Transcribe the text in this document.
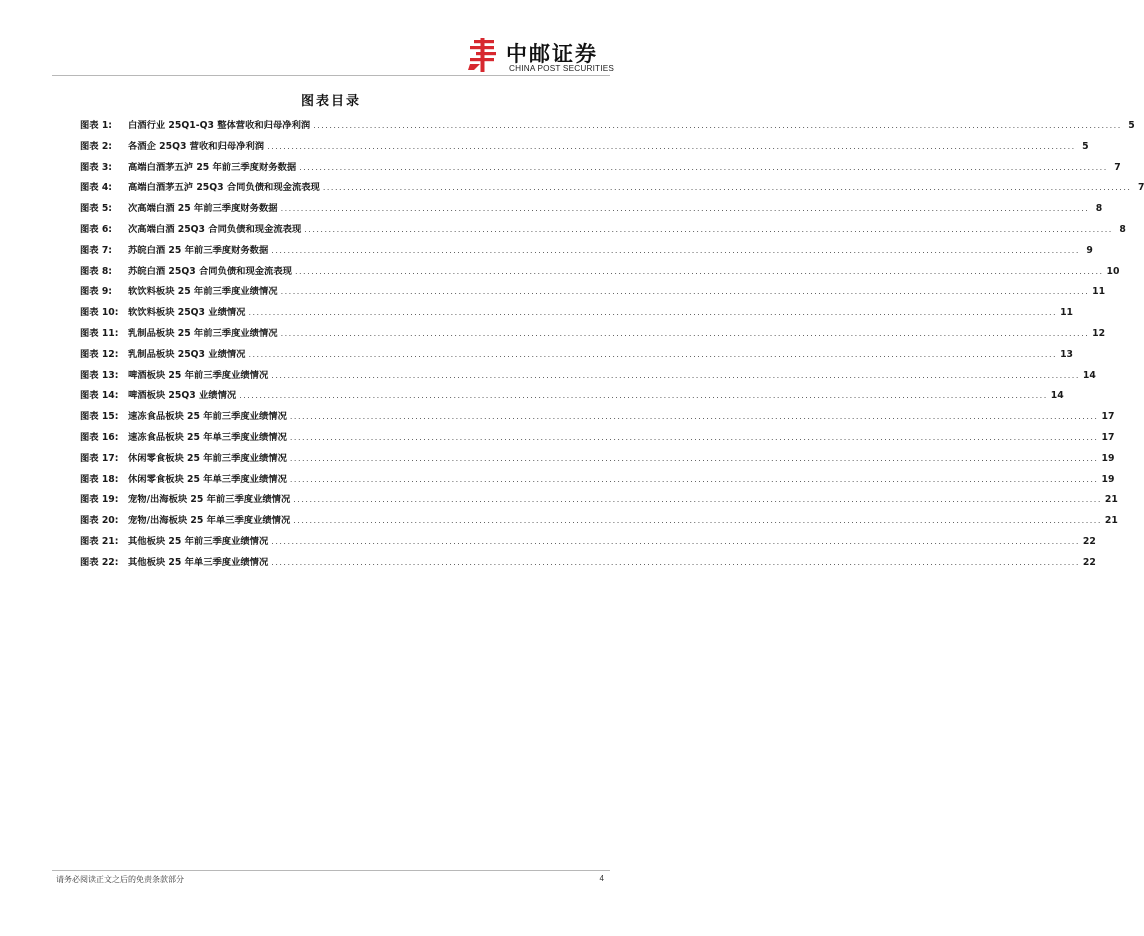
中邮证券
CHINA POST SECURITIES
图表目录
图表 1:	白酒行业 25Q1-Q3 整体营收和归母净利润 ........................................................................................................................................................................................................ 5
图表 2:	各酒企 25Q3 营收和归母净利润 ........................................................................................................................................................................................................ 5
图表 3:	高端白酒茅五泸 25 年前三季度财务数据 ........................................................................................................................................................................................................ 7
图表 4:	高端白酒茅五泸 25Q3 合同负债和现金流表现 ........................................................................................................................................................................................................ 7
图表 5:	次高端白酒 25 年前三季度财务数据 ........................................................................................................................................................................................................ 8
图表 6:	次高端白酒 25Q3 合同负债和现金流表现 ........................................................................................................................................................................................................ 8
图表 7:	苏皖白酒 25 年前三季度财务数据 ........................................................................................................................................................................................................ 9
图表 8:	苏皖白酒 25Q3 合同负债和现金流表现 ........................................................................................................................................................................................................ 10
图表 9:	软饮料板块 25 年前三季度业绩情况 ........................................................................................................................................................................................................ 11
图表 10:	软饮料板块 25Q3 业绩情况 ........................................................................................................................................................................................................ 11
图表 11:	乳制品板块 25 年前三季度业绩情况 ........................................................................................................................................................................................................ 12
图表 12:	乳制品板块 25Q3 业绩情况 ........................................................................................................................................................................................................ 13
图表 13:	啤酒板块 25 年前三季度业绩情况 ........................................................................................................................................................................................................ 14
图表 14:	啤酒板块 25Q3 业绩情况 ........................................................................................................................................................................................................ 14
图表 15:	速冻食品板块 25 年前三季度业绩情况 ........................................................................................................................................................................................................ 17
图表 16:	速冻食品板块 25 年单三季度业绩情况 ........................................................................................................................................................................................................ 17
图表 17:	休闲零食板块 25 年前三季度业绩情况 ........................................................................................................................................................................................................ 19
图表 18:	休闲零食板块 25 年单三季度业绩情况 ........................................................................................................................................................................................................ 19
图表 19:	宠物/出海板块 25 年前三季度业绩情况 ........................................................................................................................................................................................................ 21
图表 20:	宠物/出海板块 25 年单三季度业绩情况 ........................................................................................................................................................................................................ 21
图表 21:	其他板块 25 年前三季度业绩情况 ........................................................................................................................................................................................................ 22
图表 22:	其他板块 25 年单三季度业绩情况 ........................................................................................................................................................................................................ 22
请务必阅读正文之后的免责条款部分	4
